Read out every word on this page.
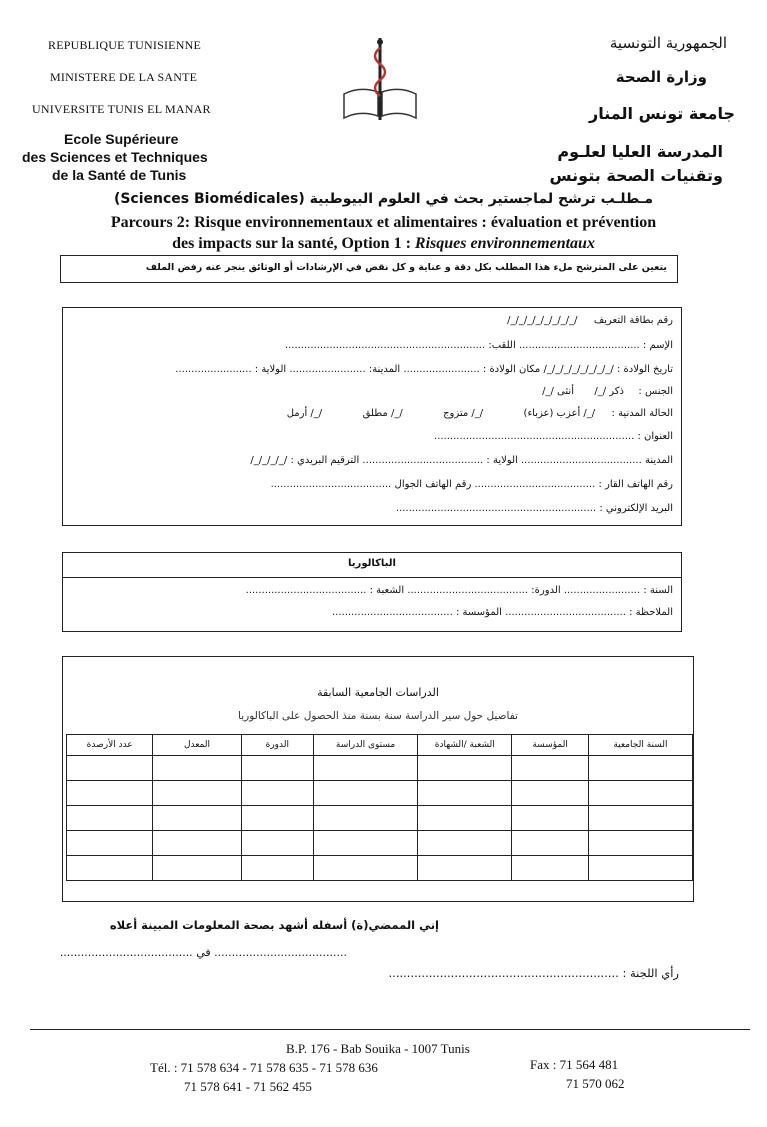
REPUBLIQUE TUNISIENNE
MINISTERE DE LA SANTE
UNIVERSITE TUNIS EL MANAR
Ecole Supérieure
des Sciences et Techniques
de la Santé de Tunis
الجمهورية التونسية
وزارة الصحة
جامعة تونس المنار
المدرسة العليا لعلـوم
وتقنيات الصحة بتونس
مـطلـب ترشح لماجستير بحث في العلوم البيوطبية (Sciences Biomédicales)
Parcours 2: Risque environnementaux et alimentaires : évaluation et prévention
des impacts sur la santé, Option 1 : Risques environnementaux
يتعين على المترشح ملء هذا المطلب بكل دقة و عناية و كل نقص في الإرشادات أو الوثائق ينجر عنه رفض الملف
رقم بطاقة التعريف  /_/_/_/_/_/_/_/_/
الإسم : ...................................... اللقب: ...............................................................
تاريخ الولادة : /_/_/_/_/_/_/_/_/ مكان الولادة : ........................ المدينة: ........................ الولاية : ........................
الجنس :  ذكر /_/  أنثى /_/
الحالة المدنية :  /_/ أعزب (عزباء)  /_/ متزوج  /_/ مطلق  /_/ أرمل
العنوان : ...............................................................
المدينة ...................................... الولاية : ...................................... الترقيم البريدي : /_/_/_/_/
رقم الهاتف القار : ...................................... رقم الهاتف الجوال ......................................
البريد الإلكتروني : ...............................................................
الباكالوريا
السنة : ........................ الدورة: ...................................... الشعبة : ......................................
الملاحظة : ...................................... المؤسسة : ......................................
الدراسات الجامعية السابقة
تفاصيل حول سير الدراسة سنة بسنة منذ الحصول على الباكالوريا
السنة الجامعية	المؤسسة	الشعبة /الشهادة	مستوى الدراسة	الدورة	المعدل	عدد الأرصدة

إني الممضي(ة) أسفله أشهد بصحة المعلومات المبينة أعلاه
...................................... في ......................................
رأي اللجنة : ...............................................................
B.P. 176 - Bab Souika - 1007 Tunis
Tél. : 71 578 634 - 71 578 635 - 71 578 636
71 578 641 - 71 562 455
Fax : 71 564 481
71 570 062
